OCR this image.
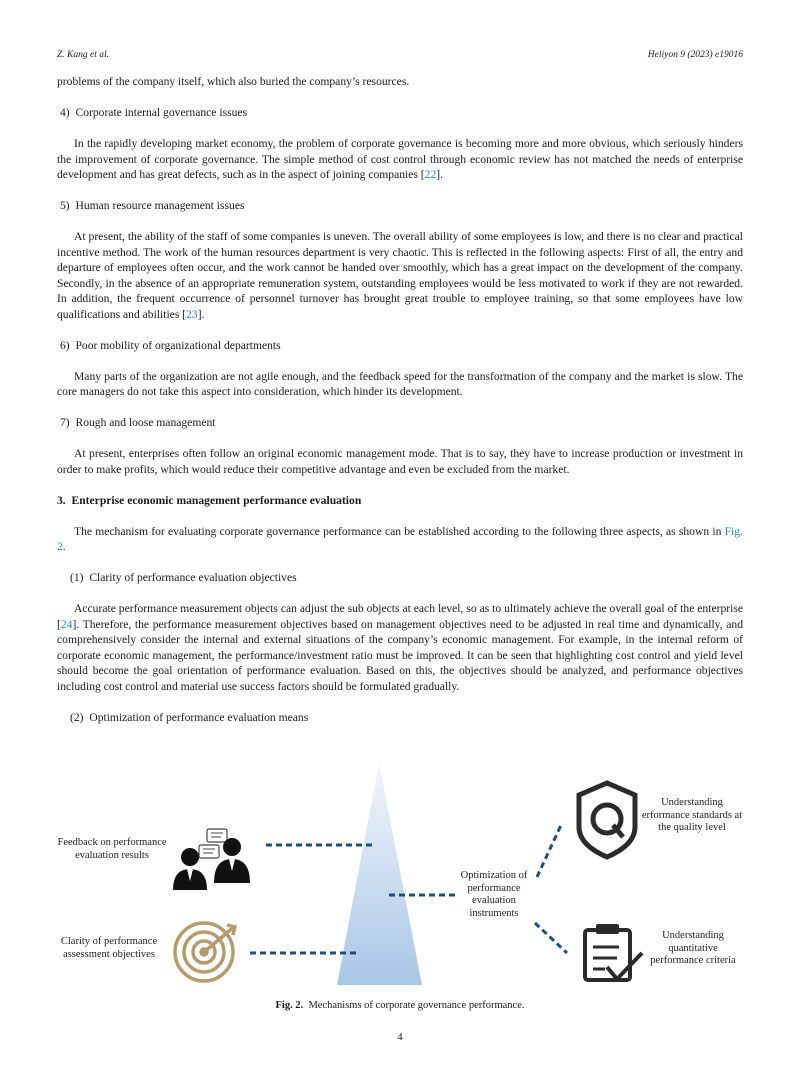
Z. Kang et al.	Heliyon 9 (2023) e19016

problems of the company itself, which also buried the company’s resources.

4) Corporate internal governance issues

In the rapidly developing market economy, the problem of corporate governance is becoming more and more obvious, which seriously hinders the improvement of corporate governance. The simple method of cost control through economic review has not matched the needs of enterprise development and has great defects, such as in the aspect of joining companies [22].

5) Human resource management issues

At present, the ability of the staff of some companies is uneven. The overall ability of some employees is low, and there is no clear and practical incentive method. The work of the human resources department is very chaotic. This is reflected in the following aspects: First of all, the entry and departure of employees often occur, and the work cannot be handed over smoothly, which has a great impact on the development of the company. Secondly, in the absence of an appropriate remuneration system, outstanding employees would be less motivated to work if they are not rewarded. In addition, the frequent occurrence of personnel turnover has brought great trouble to employee training, so that some employees have low qualifications and abilities [23].

6) Poor mobility of organizational departments

Many parts of the organization are not agile enough, and the feedback speed for the transformation of the company and the market is slow. The core managers do not take this aspect into consideration, which hinder its development.

7) Rough and loose management

At present, enterprises often follow an original economic management mode. That is to say, they have to increase production or investment in order to make profits, which would reduce their competitive advantage and even be excluded from the market.

3. Enterprise economic management performance evaluation

The mechanism for evaluating corporate governance performance can be established according to the following three aspects, as shown in Fig. 2.

(1) Clarity of performance evaluation objectives

Accurate performance measurement objects can adjust the sub objects at each level, so as to ultimately achieve the overall goal of the enterprise [24]. Therefore, the performance measurement objectives based on management objectives need to be adjusted in real time and dynamically, and comprehensively consider the internal and external situations of the company’s economic management. For example, in the internal reform of corporate economic management, the performance/investment ratio must be improved. It can be seen that highlighting cost control and yield level should become the goal orientation of performance evaluation. Based on this, the objectives should be analyzed, and performance objectives including cost control and material use success factors should be formulated gradually.

(2) Optimization of performance evaluation means

Feedback on performance evaluation results
Clarity of performance assessment objectives
Optimization of performance evaluation instruments
Understanding erformance standards at the quality level
Understanding quantitative performance criteria
Fig. 2. Mechanisms of corporate governance performance.
4
